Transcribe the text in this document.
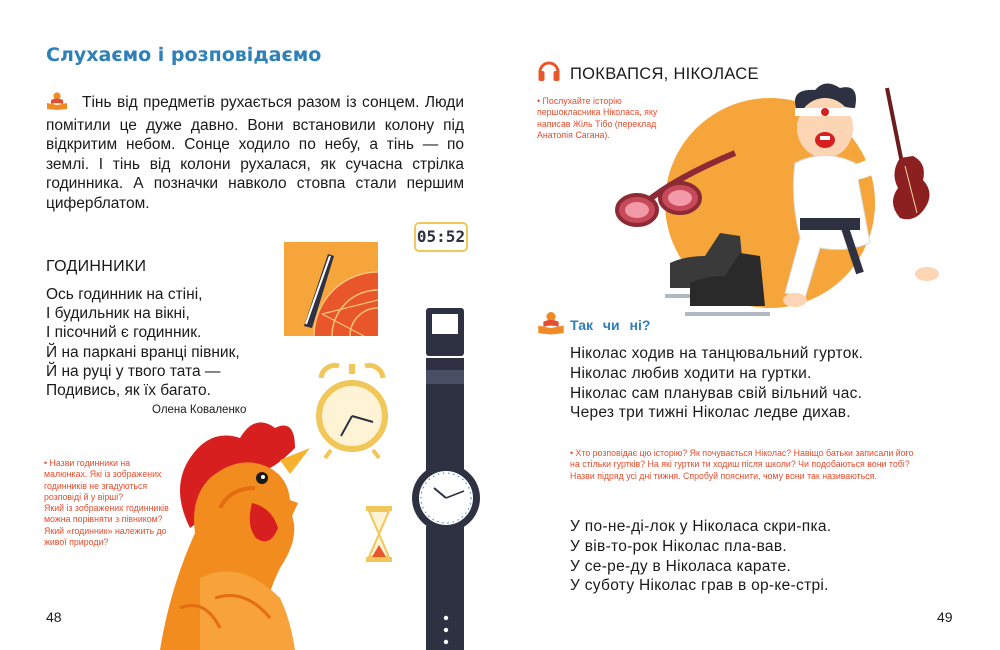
Слухаємо і розповідаємо
Тінь від предметів рухається разом із сонцем. Люди помітили це дуже давно. Вони встановили колону під відкритим небом. Сонце ходило по небу, а тінь — по землі. І тінь від колони рухалася, як сучасна стрілка годинника. А позначки навколо стовпа стали першим циферблатом.
05:52
ГОДИННИКИ
Ось годинник на стіні,
І будильник на вікні,
І пісочний є годинник.
Й на паркані вранці півник,
Й на руці у твого тата —
Подивись, як їх багато.
Олена Коваленко
• Назви годинники на малюнках. Які із зображених годинників не згадуються розповіді й у вірші?
Який із зображених годинників можна порівняти з півником?
Який «годинник» належить до живої природи?
48
ПОКВАПСЯ, НІКОЛАСЕ
• Послухайте історію першокласника Ніколаса, яку написав Жіль Тібо (переклад Анатолія Сагана).
Так чи ні?
Ніколас ходив на танцювальний гурток.
Ніколас любив ходити на гуртки.
Ніколас сам планував свій вільний час.
Через три тижні Ніколас ледве дихав.
• Хто розповідає цю історію? Як почувається Ніколас? Навіщо батьки записали його на стільки гуртків? На які гуртки ти ходиш після школи? Чи подобаються вони тобі? Назви підряд усі дні тижня. Спробуй пояснити, чому вони так називаються.
У по-не-ді-лок у Ніколаса скри-пка.
У вів-то-рок Ніколас пла-вав.
У се-ре-ду в Ніколаса карате.
У суботу Ніколас грав в ор-ке-стрі.
49
